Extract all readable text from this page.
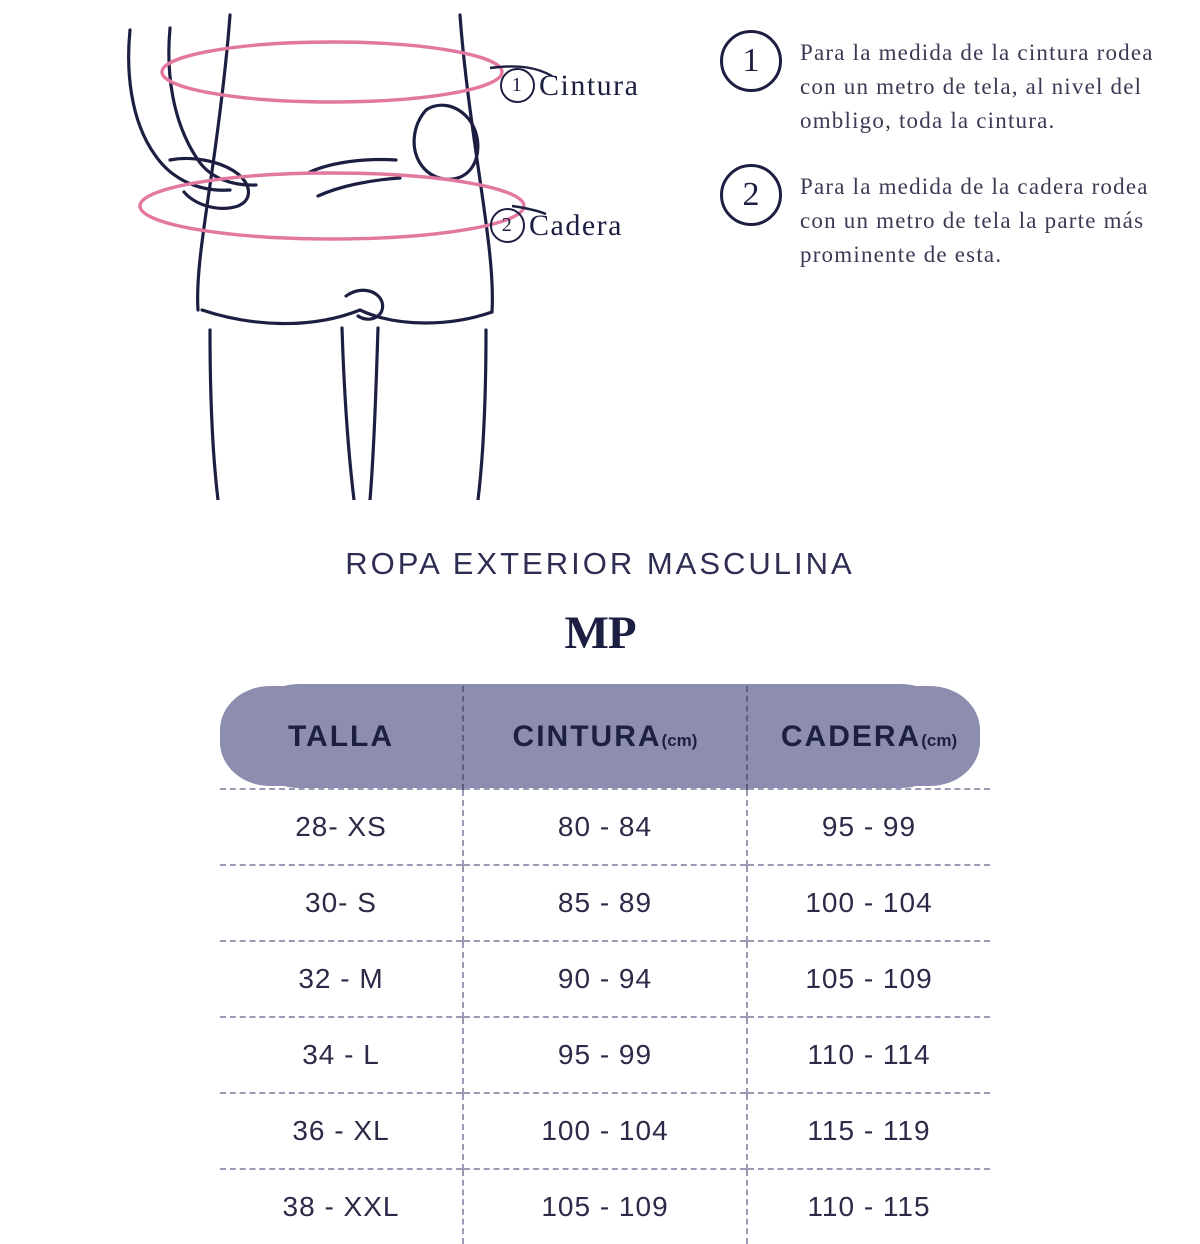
1 Cintura
2 Cadera
1	Para la medida de la cintura rodea con un metro de tela, al nivel del ombligo, toda la cintura.
2	Para la medida de la cadera rodea con un metro de tela la parte más prominente de esta.
ROPA EXTERIOR MASCULINA
MP
TALLA	CINTURA(cm)	CADERA(cm)
28- XS	80 - 84	95 - 99
30- S	85 - 89	100 - 104
32 - M	90 - 94	105 - 109
34 - L	95 - 99	110 - 114
36 - XL	100 - 104	115 - 119
38 - XXL	105 - 109	110 - 115
